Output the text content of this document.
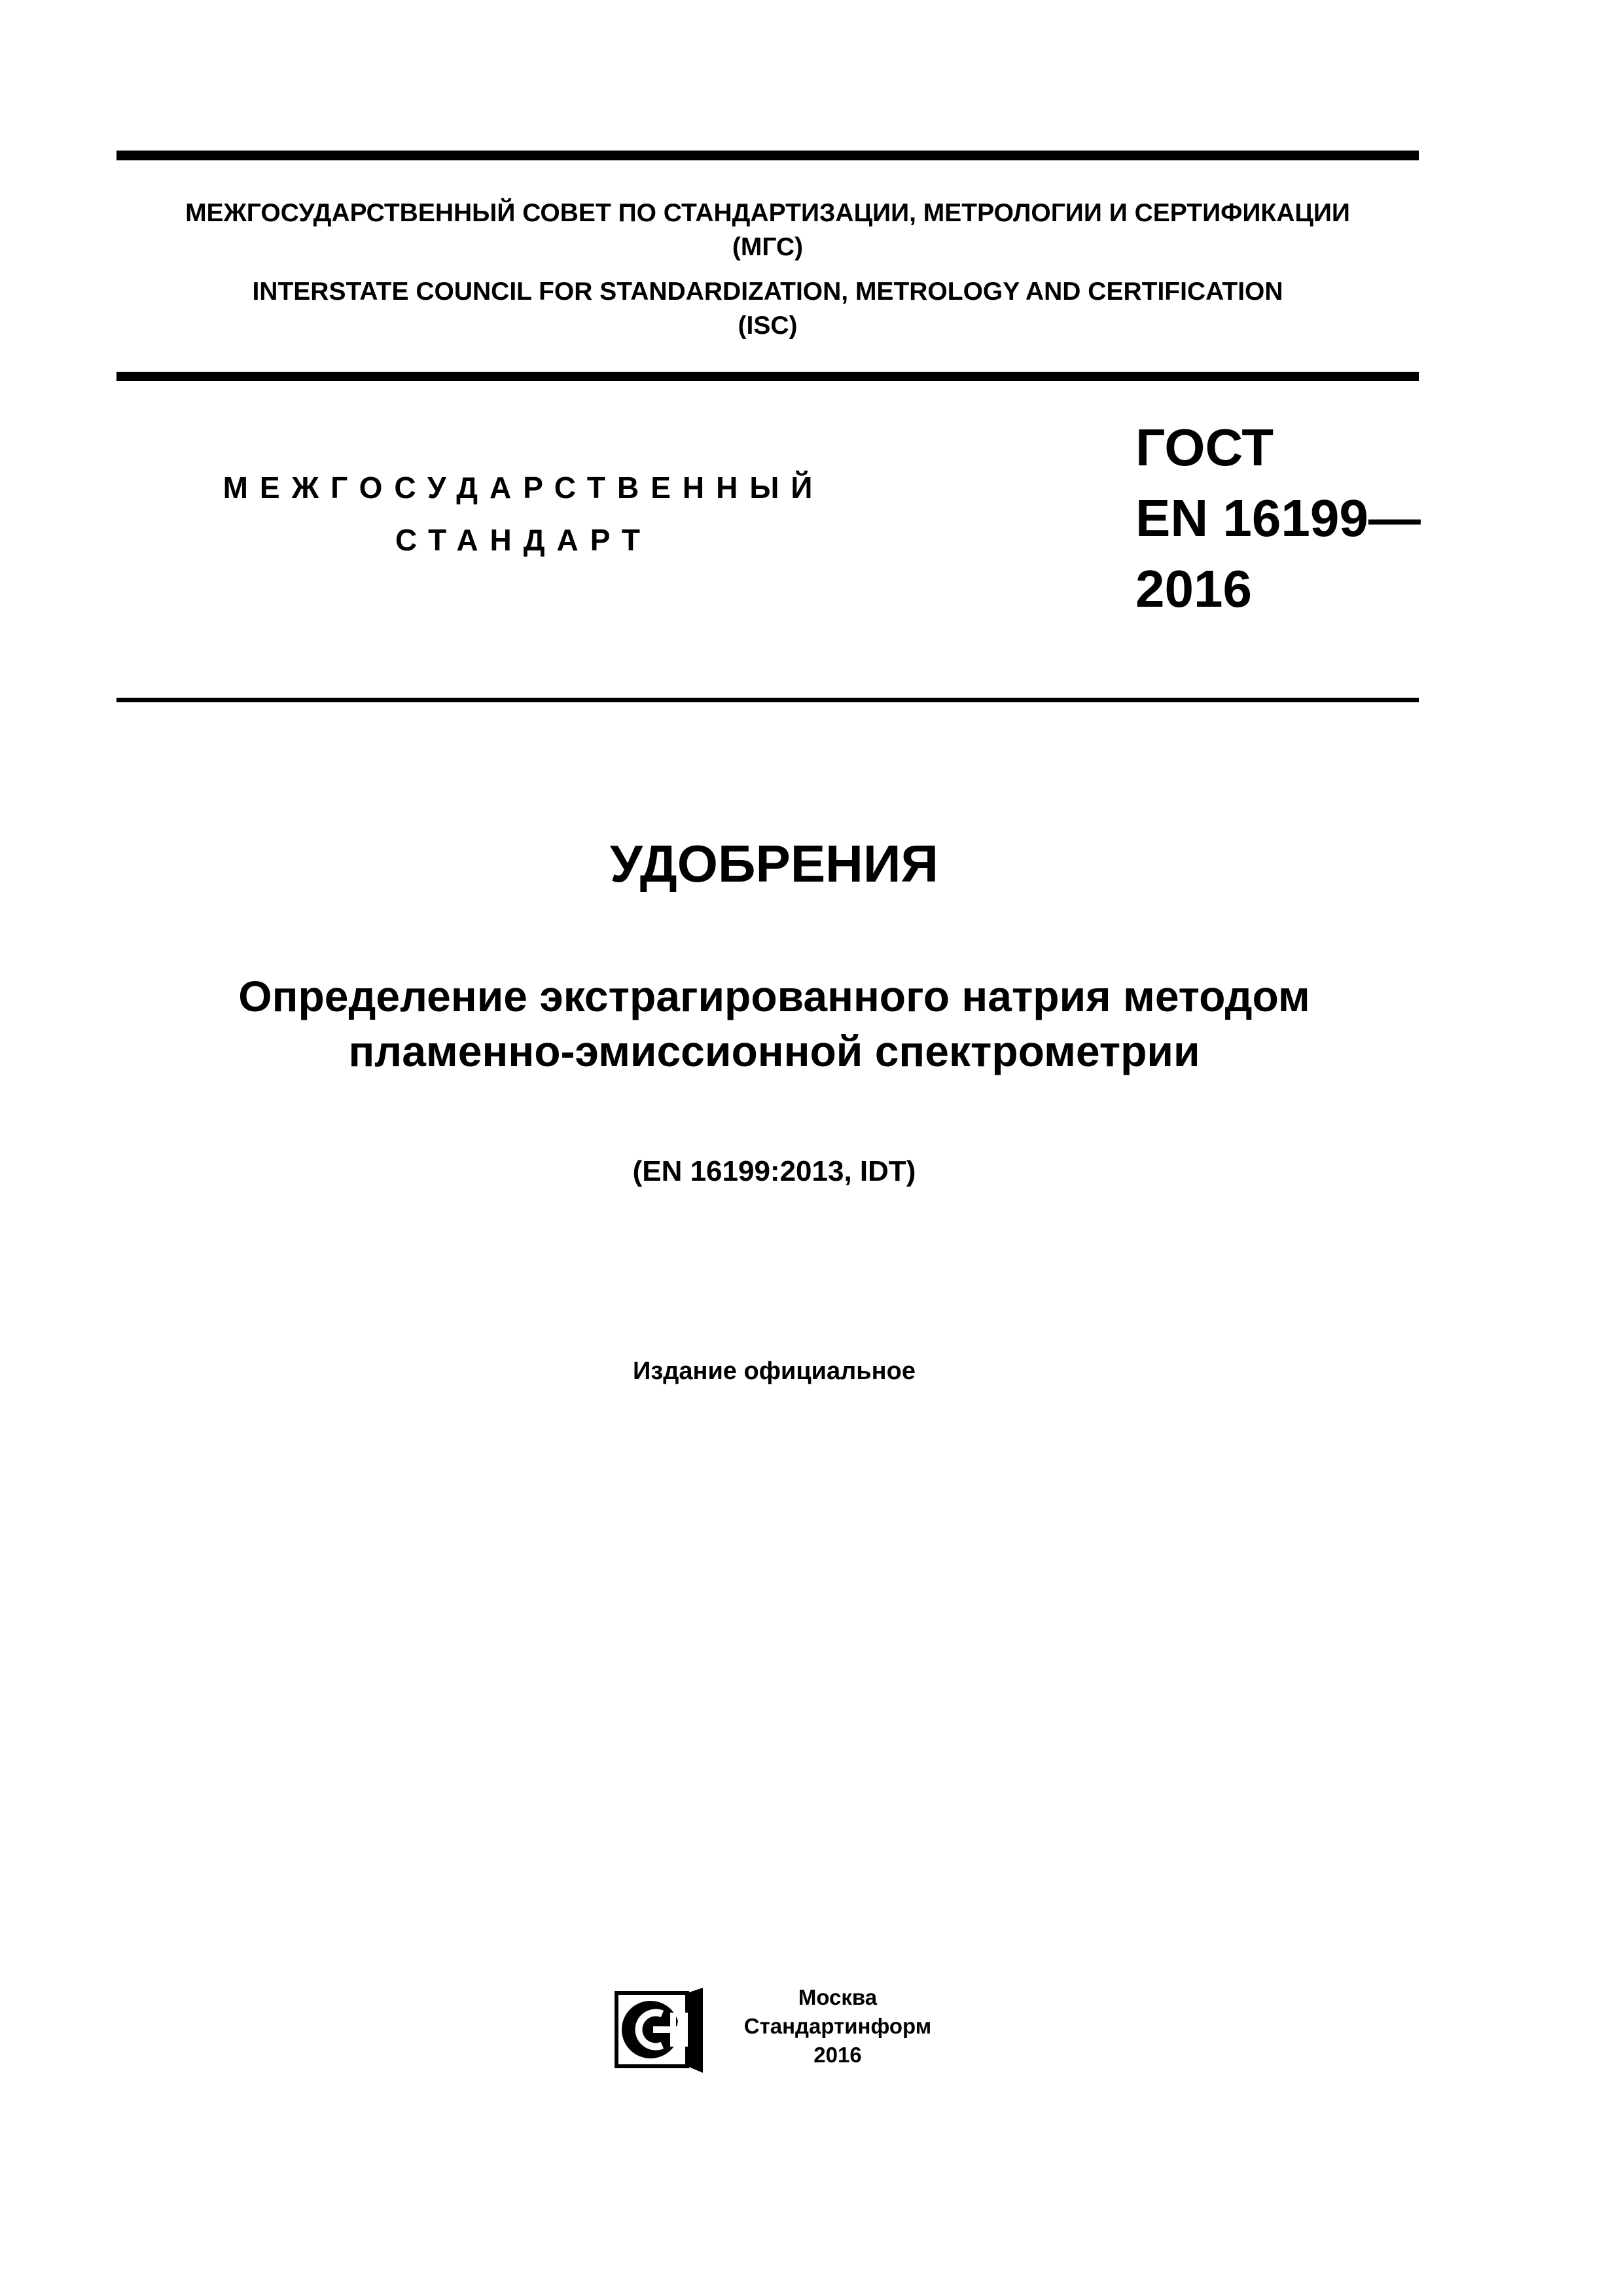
МЕЖГОСУДАРСТВЕННЫЙ СОВЕТ ПО СТАНДАРТИЗАЦИИ, МЕТРОЛОГИИ И СЕРТИФИКАЦИИ
(МГС)
INTERSTATE COUNCIL FOR STANDARDIZATION, METROLOGY AND CERTIFICATION
(ISC)
МЕЖГОСУДАРСТВЕННЫЙ
СТАНДАРТ
ГОСТ
EN 16199—
2016
УДОБРЕНИЯ
Определение экстрагированного натрия методом
пламенно-эмиссионной спектрометрии
(EN 16199:2013, IDT)
Издание официальное
Москва
Стандартинформ
2016
